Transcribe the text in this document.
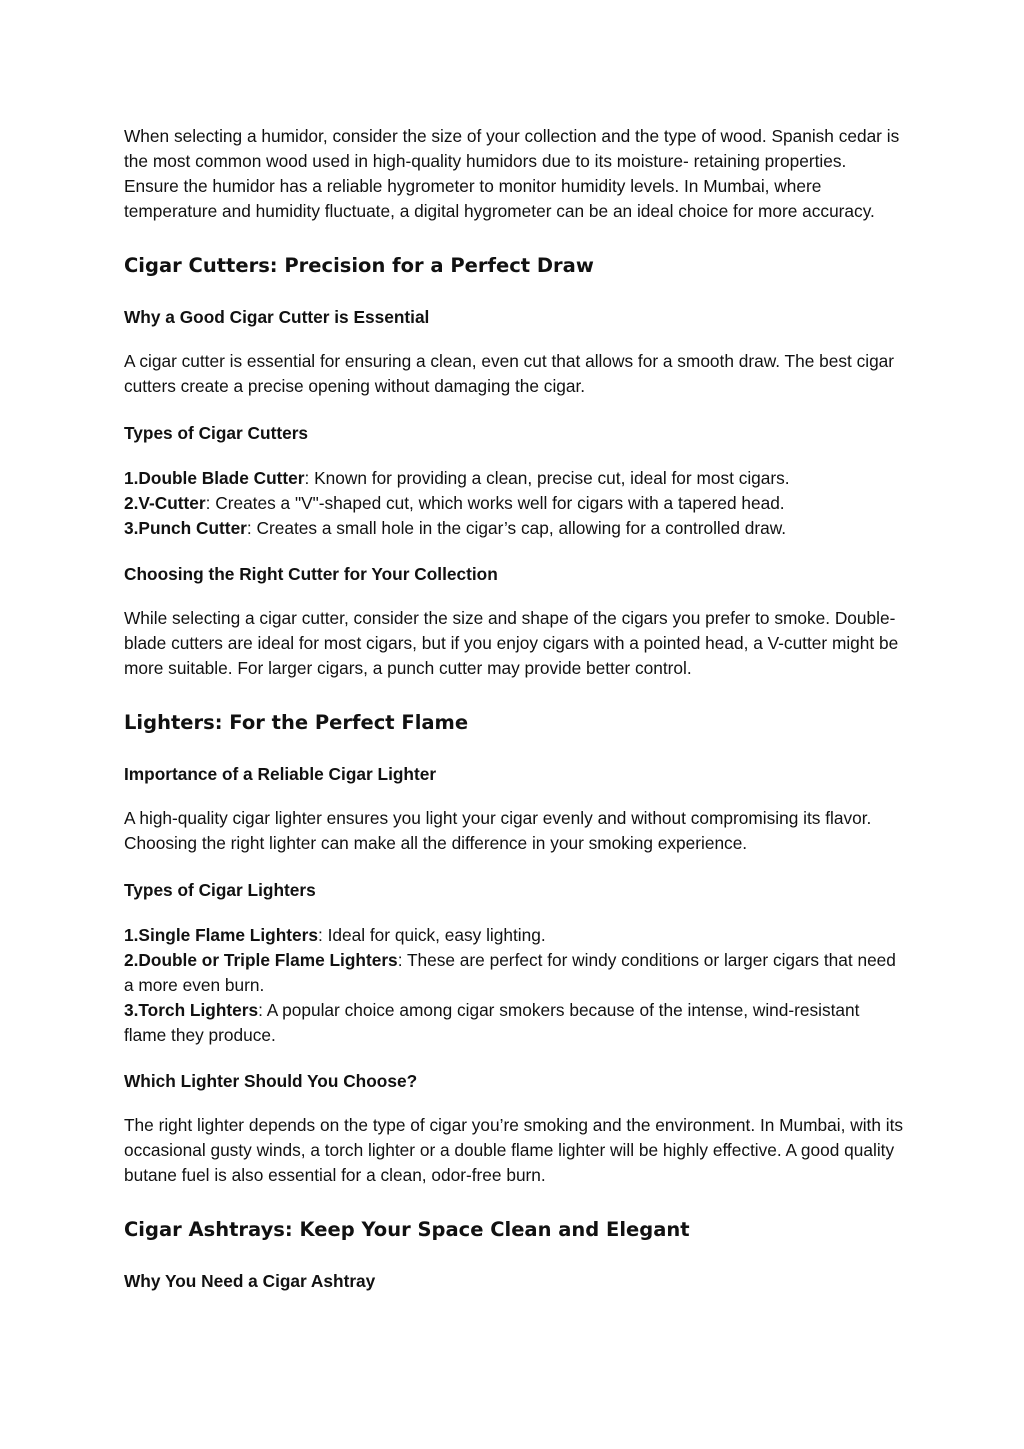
When selecting a humidor, consider the size of your collection and the type of wood. Spanish cedar is the most common wood used in high-quality humidors due to its moisture- retaining properties. Ensure the humidor has a reliable hygrometer to monitor humidity levels. In Mumbai, where temperature and humidity fluctuate, a digital hygrometer can be an ideal choice for more accuracy.

Cigar Cutters: Precision for a Perfect Draw
Why a Good Cigar Cutter is Essential

A cigar cutter is essential for ensuring a clean, even cut that allows for a smooth draw. The best cigar cutters create a precise opening without damaging the cigar.

Types of Cigar Cutters

1.Double Blade Cutter: Known for providing a clean, precise cut, ideal for most cigars.

2.V-Cutter: Creates a "V"-shaped cut, which works well for cigars with a tapered head.

3.Punch Cutter: Creates a small hole in the cigar’s cap, allowing for a controlled draw.

Choosing the Right Cutter for Your Collection

While selecting a cigar cutter, consider the size and shape of the cigars you prefer to smoke. Double-blade cutters are ideal for most cigars, but if you enjoy cigars with a pointed head, a V-cutter might be more suitable. For larger cigars, a punch cutter may provide better control.

Lighters: For the Perfect Flame
Importance of a Reliable Cigar Lighter

A high-quality cigar lighter ensures you light your cigar evenly and without compromising its flavor. Choosing the right lighter can make all the difference in your smoking experience.

Types of Cigar Lighters

1.Single Flame Lighters: Ideal for quick, easy lighting.

2.Double or Triple Flame Lighters: These are perfect for windy conditions or larger cigars that need a more even burn.

3.Torch Lighters: A popular choice among cigar smokers because of the intense, wind-resistant flame they produce.

Which Lighter Should You Choose?

The right lighter depends on the type of cigar you’re smoking and the environment. In Mumbai, with its occasional gusty winds, a torch lighter or a double flame lighter will be highly effective. A good quality butane fuel is also essential for a clean, odor-free burn.

Cigar Ashtrays: Keep Your Space Clean and Elegant
Why You Need a Cigar Ashtray
